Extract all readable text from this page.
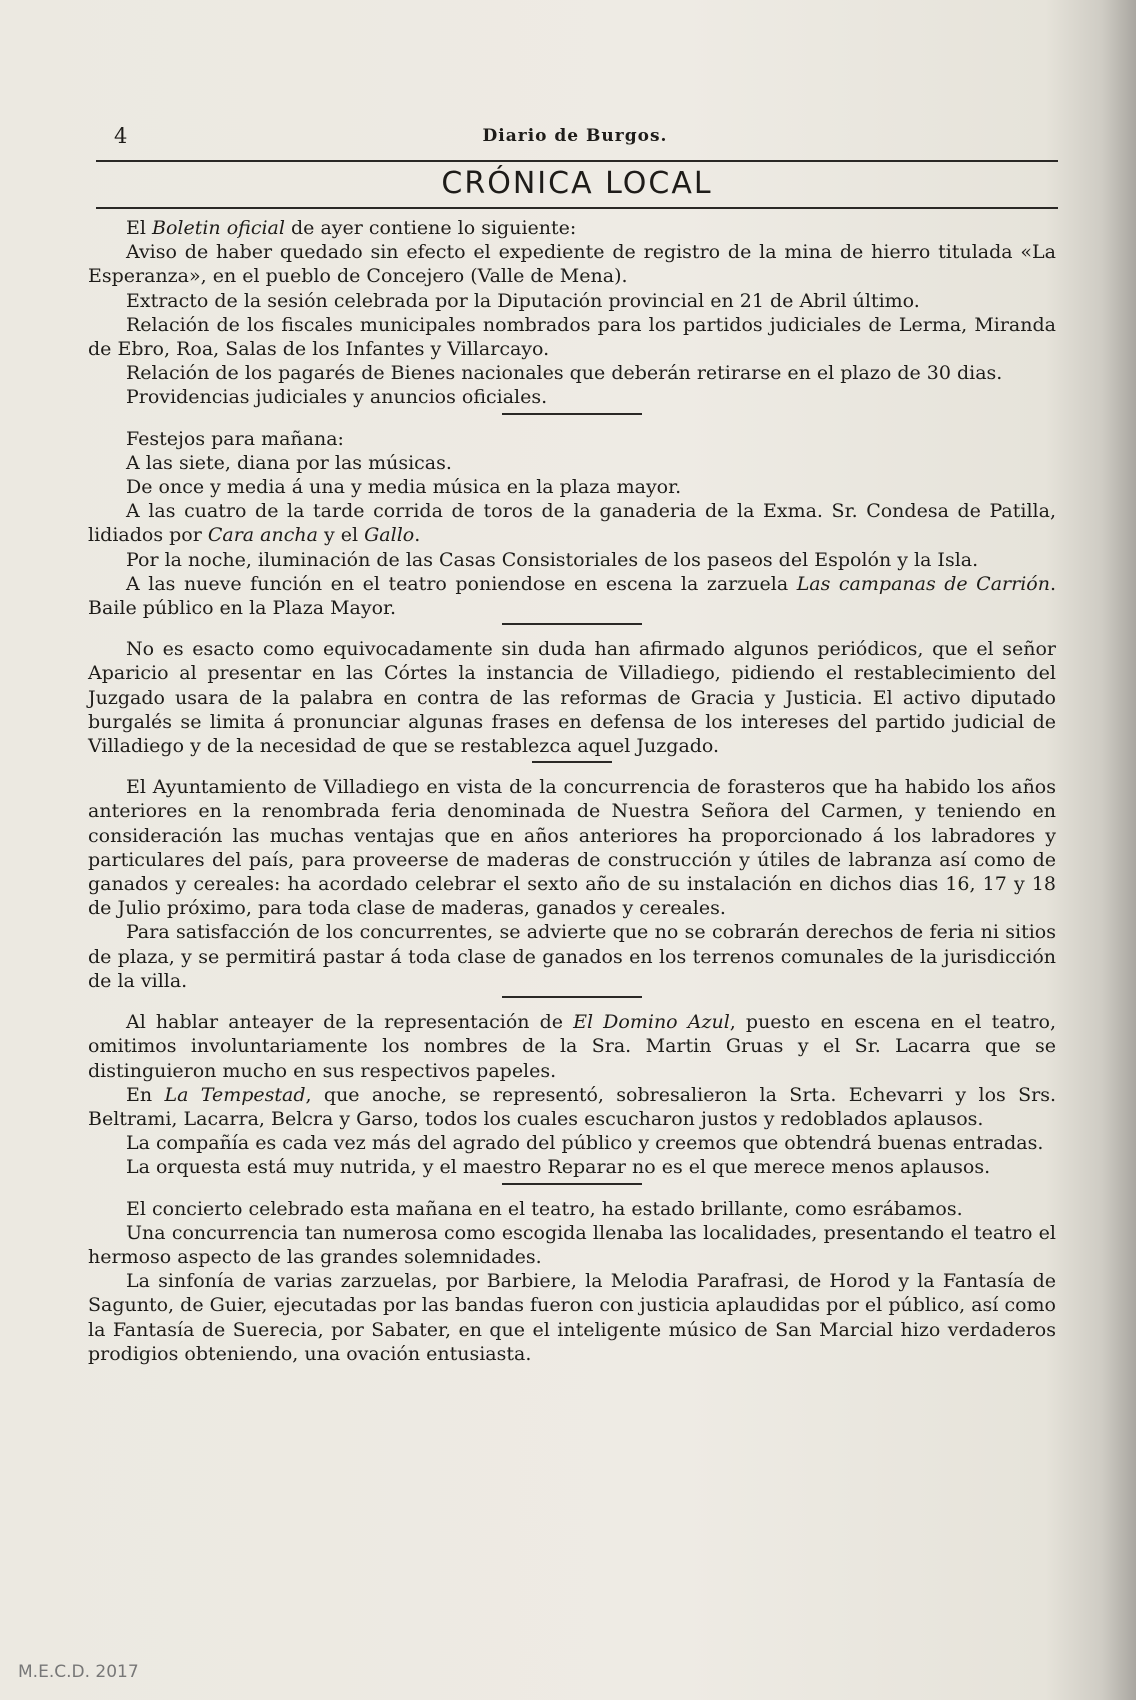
4	Diario de Burgos.
CRÓNICA LOCAL

El Boletin oficial de ayer contiene lo siguiente:

Aviso de haber quedado sin efecto el expediente de registro de la mina de hierro titulada «La Esperanza», en el pueblo de Concejero (Valle de Mena).

Extracto de la sesión celebrada por la Diputación provincial en 21 de Abril último.

Relación de los fiscales municipales nombrados para los partidos judiciales de Lerma, Miranda de Ebro, Roa, Salas de los Infantes y Villarcayo.

Relación de los pagarés de Bienes nacionales que deberán retirarse en el plazo de 30 dias.

Providencias judiciales y anuncios oficiales.

Festejos para mañana:

A las siete, diana por las músicas.

De once y media á una y media música en la plaza mayor.

A las cuatro de la tarde corrida de toros de la ganaderia de la Exma. Sr. Condesa de Patilla, lidiados por Cara ancha y el Gallo.

Por la noche, iluminación de las Casas Consistoriales de los paseos del Espolón y la Isla.

A las nueve función en el teatro poniendose en escena la zarzuela Las campanas de Carrión. Baile público en la Plaza Mayor.

No es esacto como equivocadamente sin duda han afirmado algunos periódicos, que el señor Aparicio al presentar en las Córtes la instancia de Villadiego, pidiendo el restablecimiento del Juzgado usara de la palabra en contra de las reformas de Gracia y Justicia. El activo diputado burgalés se limita á pronunciar algunas frases en defensa de los intereses del partido judicial de Villadiego y de la necesidad de que se restablezca aquel Juzgado.

El Ayuntamiento de Villadiego en vista de la concurrencia de forasteros que ha habido los años anteriores en la renombrada feria denominada de Nuestra Señora del Carmen, y teniendo en consideración las muchas ventajas que en años anteriores ha proporcionado á los labradores y particulares del país, para proveerse de maderas de construcción y útiles de labranza así como de ganados y cereales: ha acordado celebrar el sexto año de su instalación en dichos dias 16, 17 y 18 de Julio próximo, para toda clase de maderas, ganados y cereales.

Para satisfacción de los concurrentes, se advierte que no se cobrarán derechos de feria ni sitios de plaza, y se permitirá pastar á toda clase de ganados en los terrenos comunales de la jurisdicción de la villa.

Al hablar anteayer de la representación de El Domino Azul, puesto en escena en el teatro, omitimos involuntariamente los nombres de la Sra. Martin Gruas y el Sr. Lacarra que se distinguieron mucho en sus respectivos papeles.

En La Tempestad, que anoche, se representó, sobresalieron la Srta. Echevarri y los Srs. Beltrami, Lacarra, Belcra y Garso, todos los cuales escucharon justos y redoblados aplausos.

La compañía es cada vez más del agrado del público y creemos que obtendrá buenas entradas.

La orquesta está muy nutrida, y el maestro Reparar no es el que merece menos aplausos.

El concierto celebrado esta mañana en el teatro, ha estado brillante, como esrábamos.

Una concurrencia tan numerosa como escogida llenaba las localidades, presentando el teatro el hermoso aspecto de las grandes solemnidades.

La sinfonía de varias zarzuelas, por Barbiere, la Melodia Parafrasi, de Horod y la Fantasía de Sagunto, de Guier, ejecutadas por las bandas fueron con justicia aplaudidas por el público, así como la Fantasía de Suerecia, por Sabater, en que el inteligente músico de San Marcial hizo verdaderos prodigios obteniendo, una ovación entusiasta.

M.E.C.D. 2017
